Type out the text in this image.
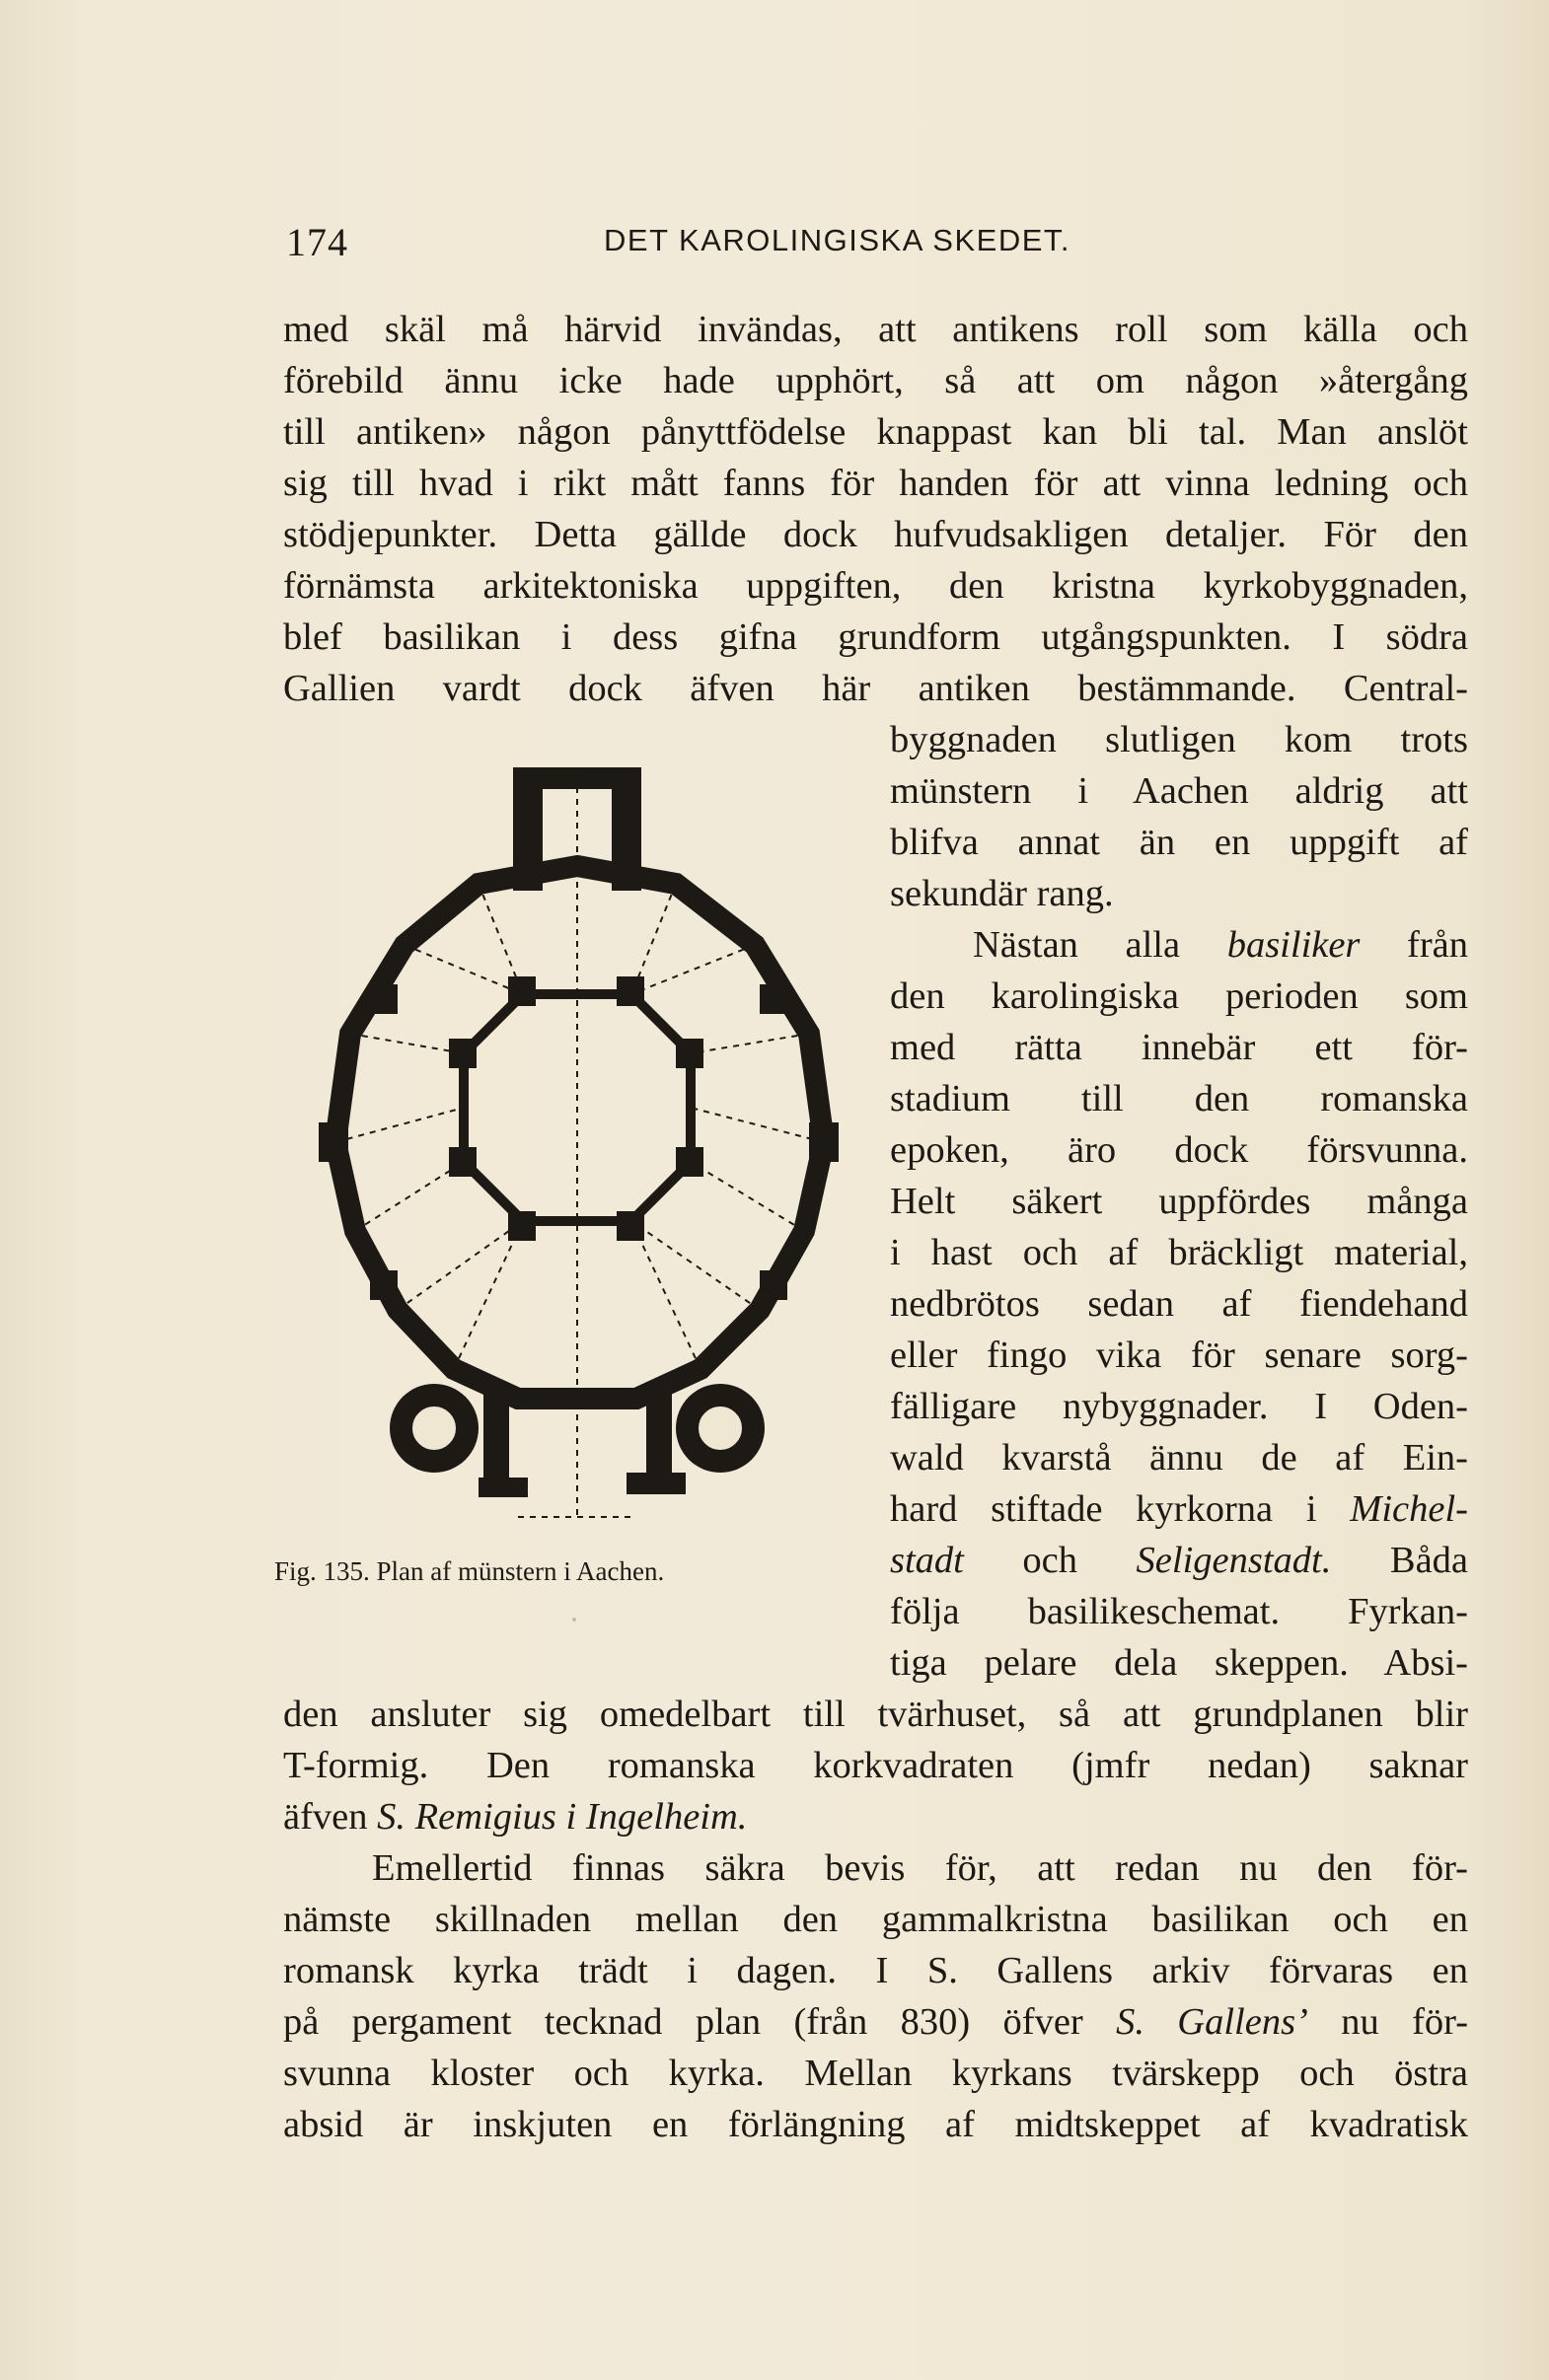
174	DET KAROLINGISKA SKEDET.
med skäl må härvid invändas, att antikens roll som källa och
förebild ännu icke hade upphört, så att om någon »återgång
till antiken» någon pånyttfödelse knappast kan bli tal. Man anslöt
sig till hvad i rikt mått fanns för handen för att vinna ledning och
stödjepunkter. Detta gällde dock hufvudsakligen detaljer. För den
förnämsta arkitektoniska uppgiften, den kristna kyrkobyggnaden,
blef basilikan i dess gifna grundform utgångspunkten. I södra
Gallien vardt dock äfven här antiken bestämmande. Central-
byggnaden slutligen kom trots
münstern i Aachen aldrig att
blifva annat än en uppgift af
sekundär rang.
Nästan alla basiliker från
den karolingiska perioden som
med rätta innebär ett för-
stadium till den romanska
epoken, äro dock försvunna.
Helt säkert uppfördes många
i hast och af bräckligt material,
nedbrötos sedan af fiendehand
eller fingo vika för senare sorg-
fälligare nybyggnader. I Oden-
wald kvarstå ännu de af Ein-
hard stiftade kyrkorna i Michel-
stadt och Seligenstadt. Båda
följa basilikeschemat. Fyrkan-
tiga pelare dela skeppen. Absi-
den ansluter sig omedelbart till tvärhuset, så att grundplanen blir
T-formig. Den romanska korkvadraten (jmfr nedan) saknar
äfven S. Remigius i Ingelheim.
Emellertid finnas säkra bevis för, att redan nu den för-
nämste skillnaden mellan den gammalkristna basilikan och en
romansk kyrka trädt i dagen. I S. Gallens arkiv förvaras en
på pergament tecknad plan (från 830) öfver S. Gallens’ nu för-
svunna kloster och kyrka. Mellan kyrkans tvärskepp och östra
absid är inskjuten en förlängning af midtskeppet af kvadratisk
Fig. 135. Plan af münstern i Aachen.
